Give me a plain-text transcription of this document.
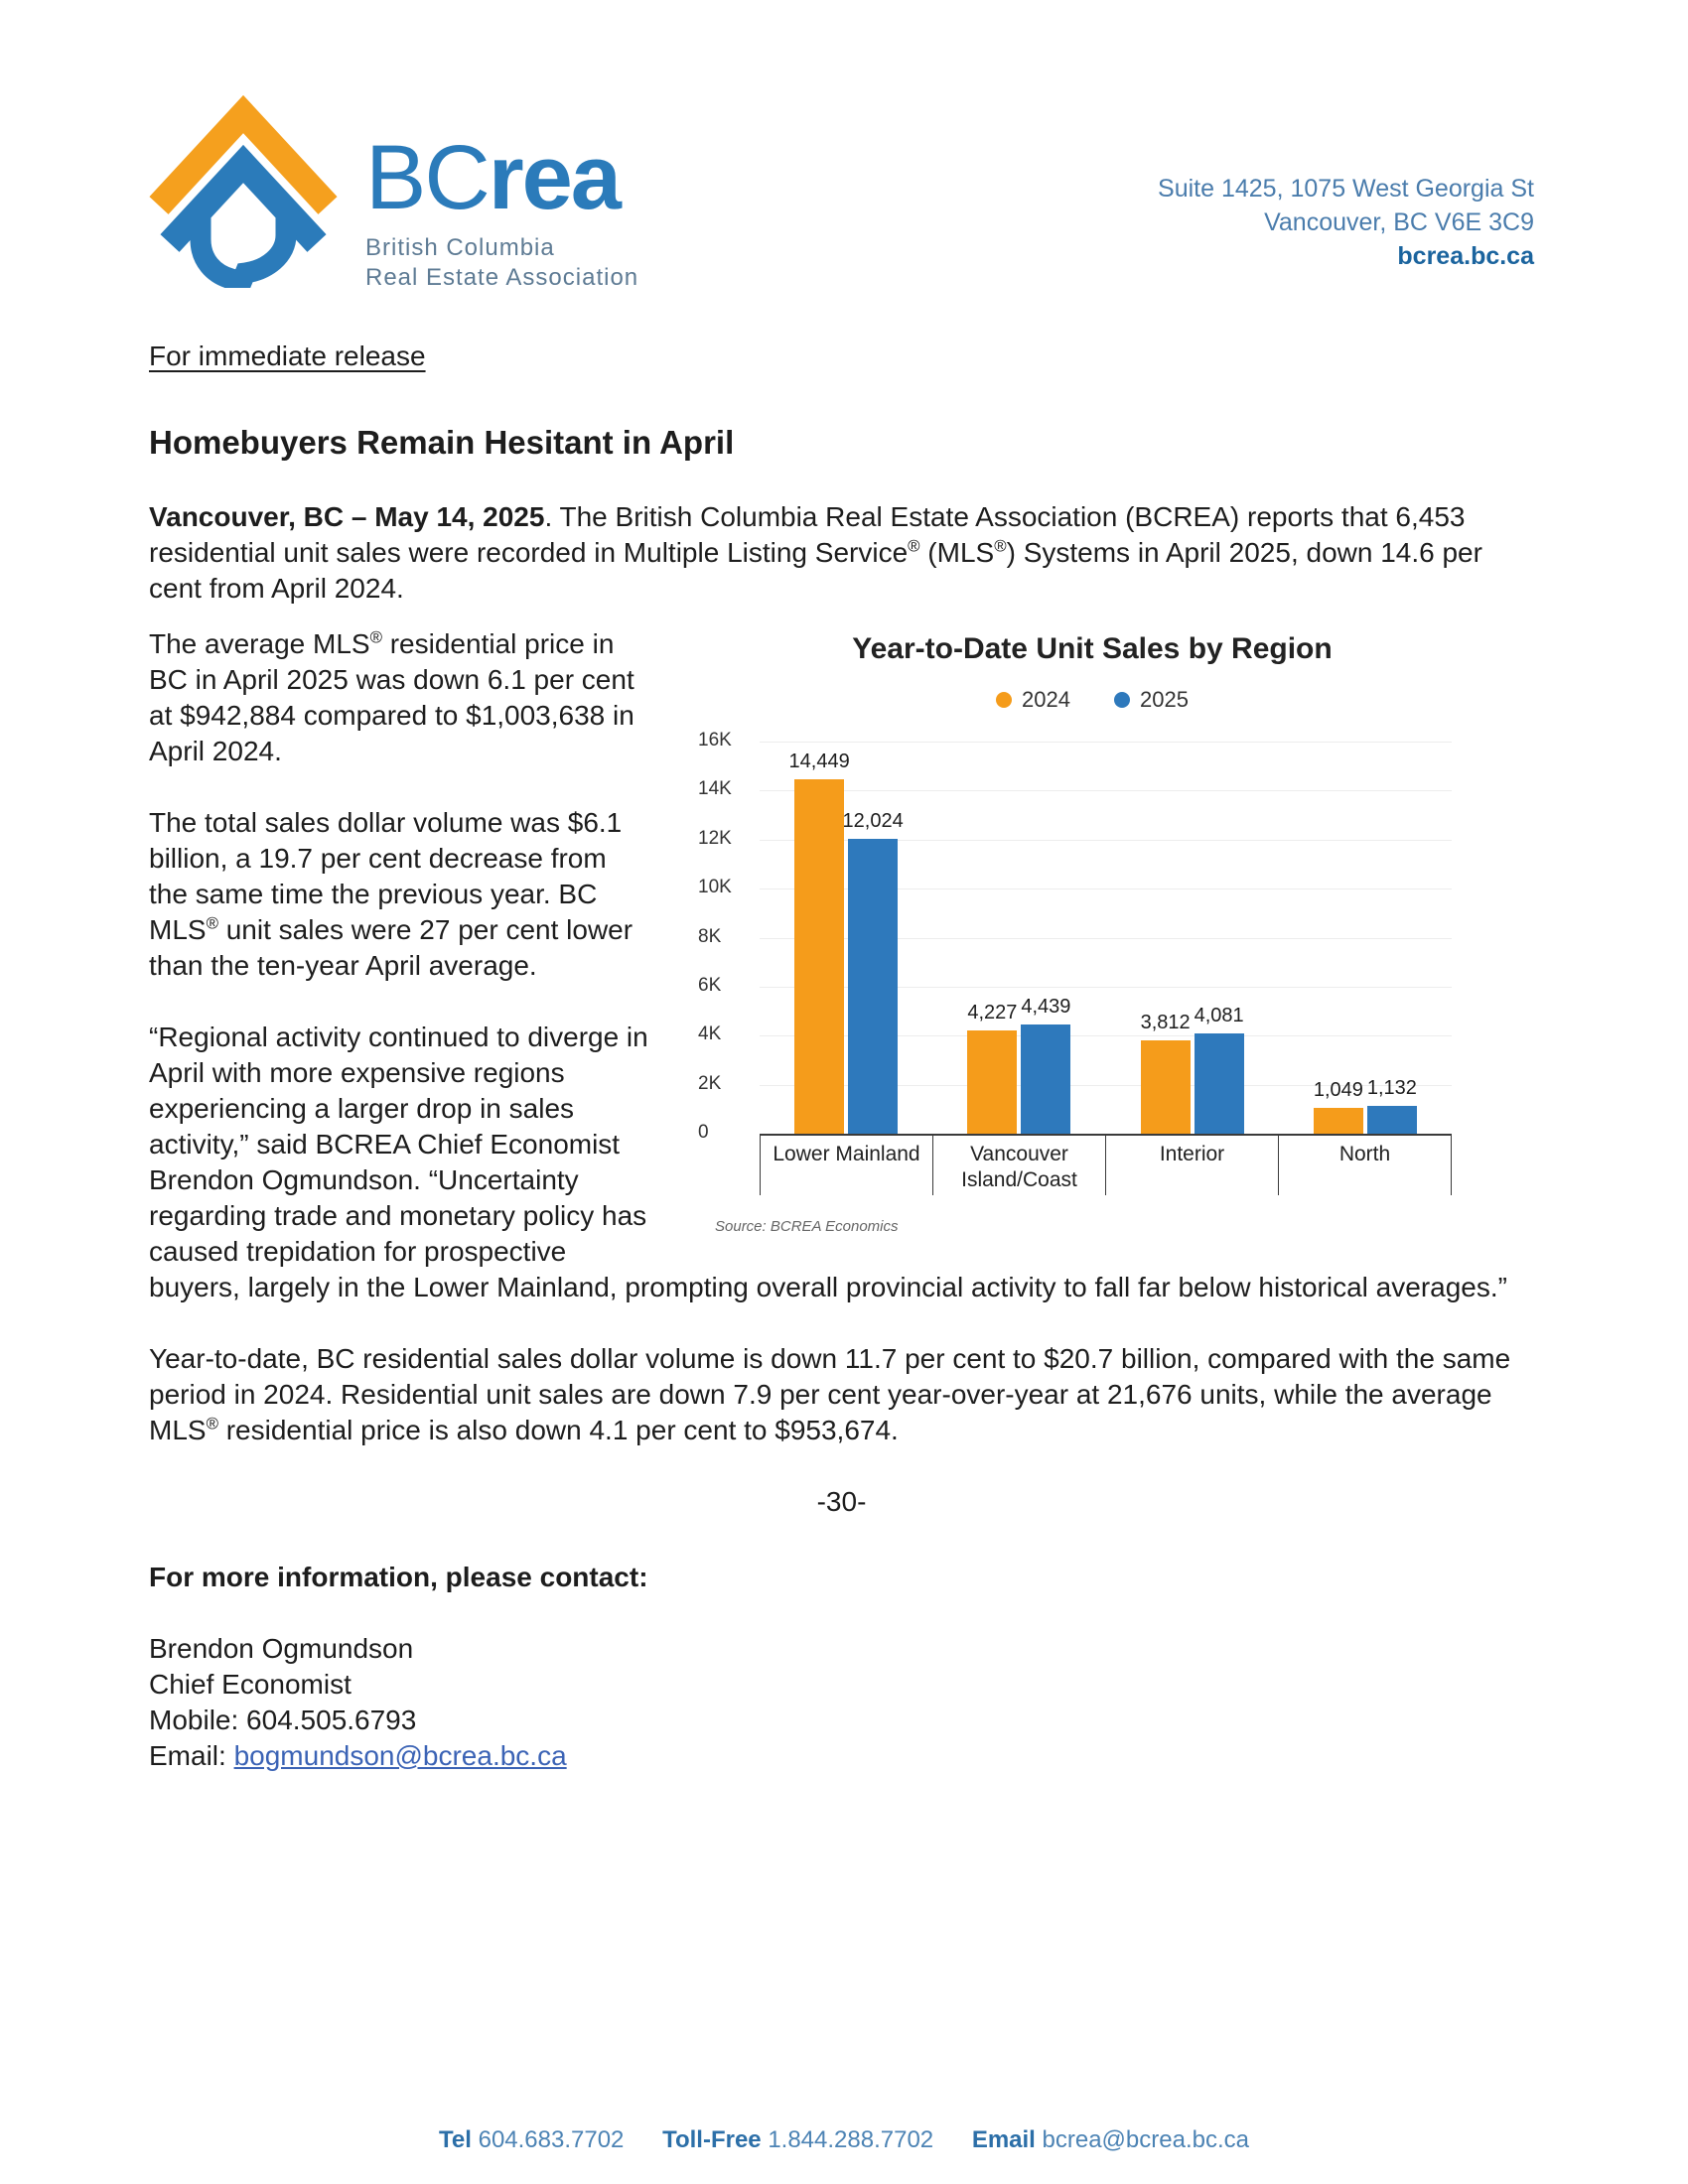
BCrea
British Columbia
Real Estate Association
Suite 1425, 1075 West Georgia St
Vancouver, BC V6E 3C9
bcrea.bc.ca
For immediate release
Homebuyers Remain Hesitant in April

Vancouver, BC – May 14, 2025. The British Columbia Real Estate Association (BCREA) reports that 6,453 residential unit sales were recorded in Multiple Listing Service® (MLS®) Systems in April 2025, down 14.6 per cent from April 2024.

Year-to-Date Unit Sales by Region
2024	2025
0
2K
4K
6K
8K
10K
12K
14K
16K
14,449
12,024
4,227 4,439
3,812 4,081
1,049 1,132
Lower Mainland	Vancouver Island/Coast
Interior	North
Source: BCREA Economics

The average MLS® residential price in BC in April 2025 was down 6.1 per cent at $942,884 compared to $1,003,638 in April 2024.

The total sales dollar volume was $6.1 billion, a 19.7 per cent decrease from the same time the previous year. BC MLS® unit sales were 27 per cent lower than the ten-year April average.

“Regional activity continued to diverge in April with more expensive regions experiencing a larger drop in sales activity,” said BCREA Chief Economist Brendon Ogmundson. “Uncertainty regarding trade and monetary policy has caused trepidation for prospective buyers, largely in the Lower Mainland, prompting overall provincial activity to fall far below historical averages.”

Year-to-date, BC residential sales dollar volume is down 11.7 per cent to $20.7 billion, compared with the same period in 2024. Residential unit sales are down 7.9 per cent year-over-year at 21,676 units, while the average MLS® residential price is also down 4.1 per cent to $953,674.

-30-
For more information, please contact:
Brendon Ogmundson
Chief Economist
Mobile: 604.505.6793
Email: bogmundson@bcrea.bc.ca
Tel 604.683.7702 Toll-Free 1.844.288.7702 Email bcrea@bcrea.bc.ca
